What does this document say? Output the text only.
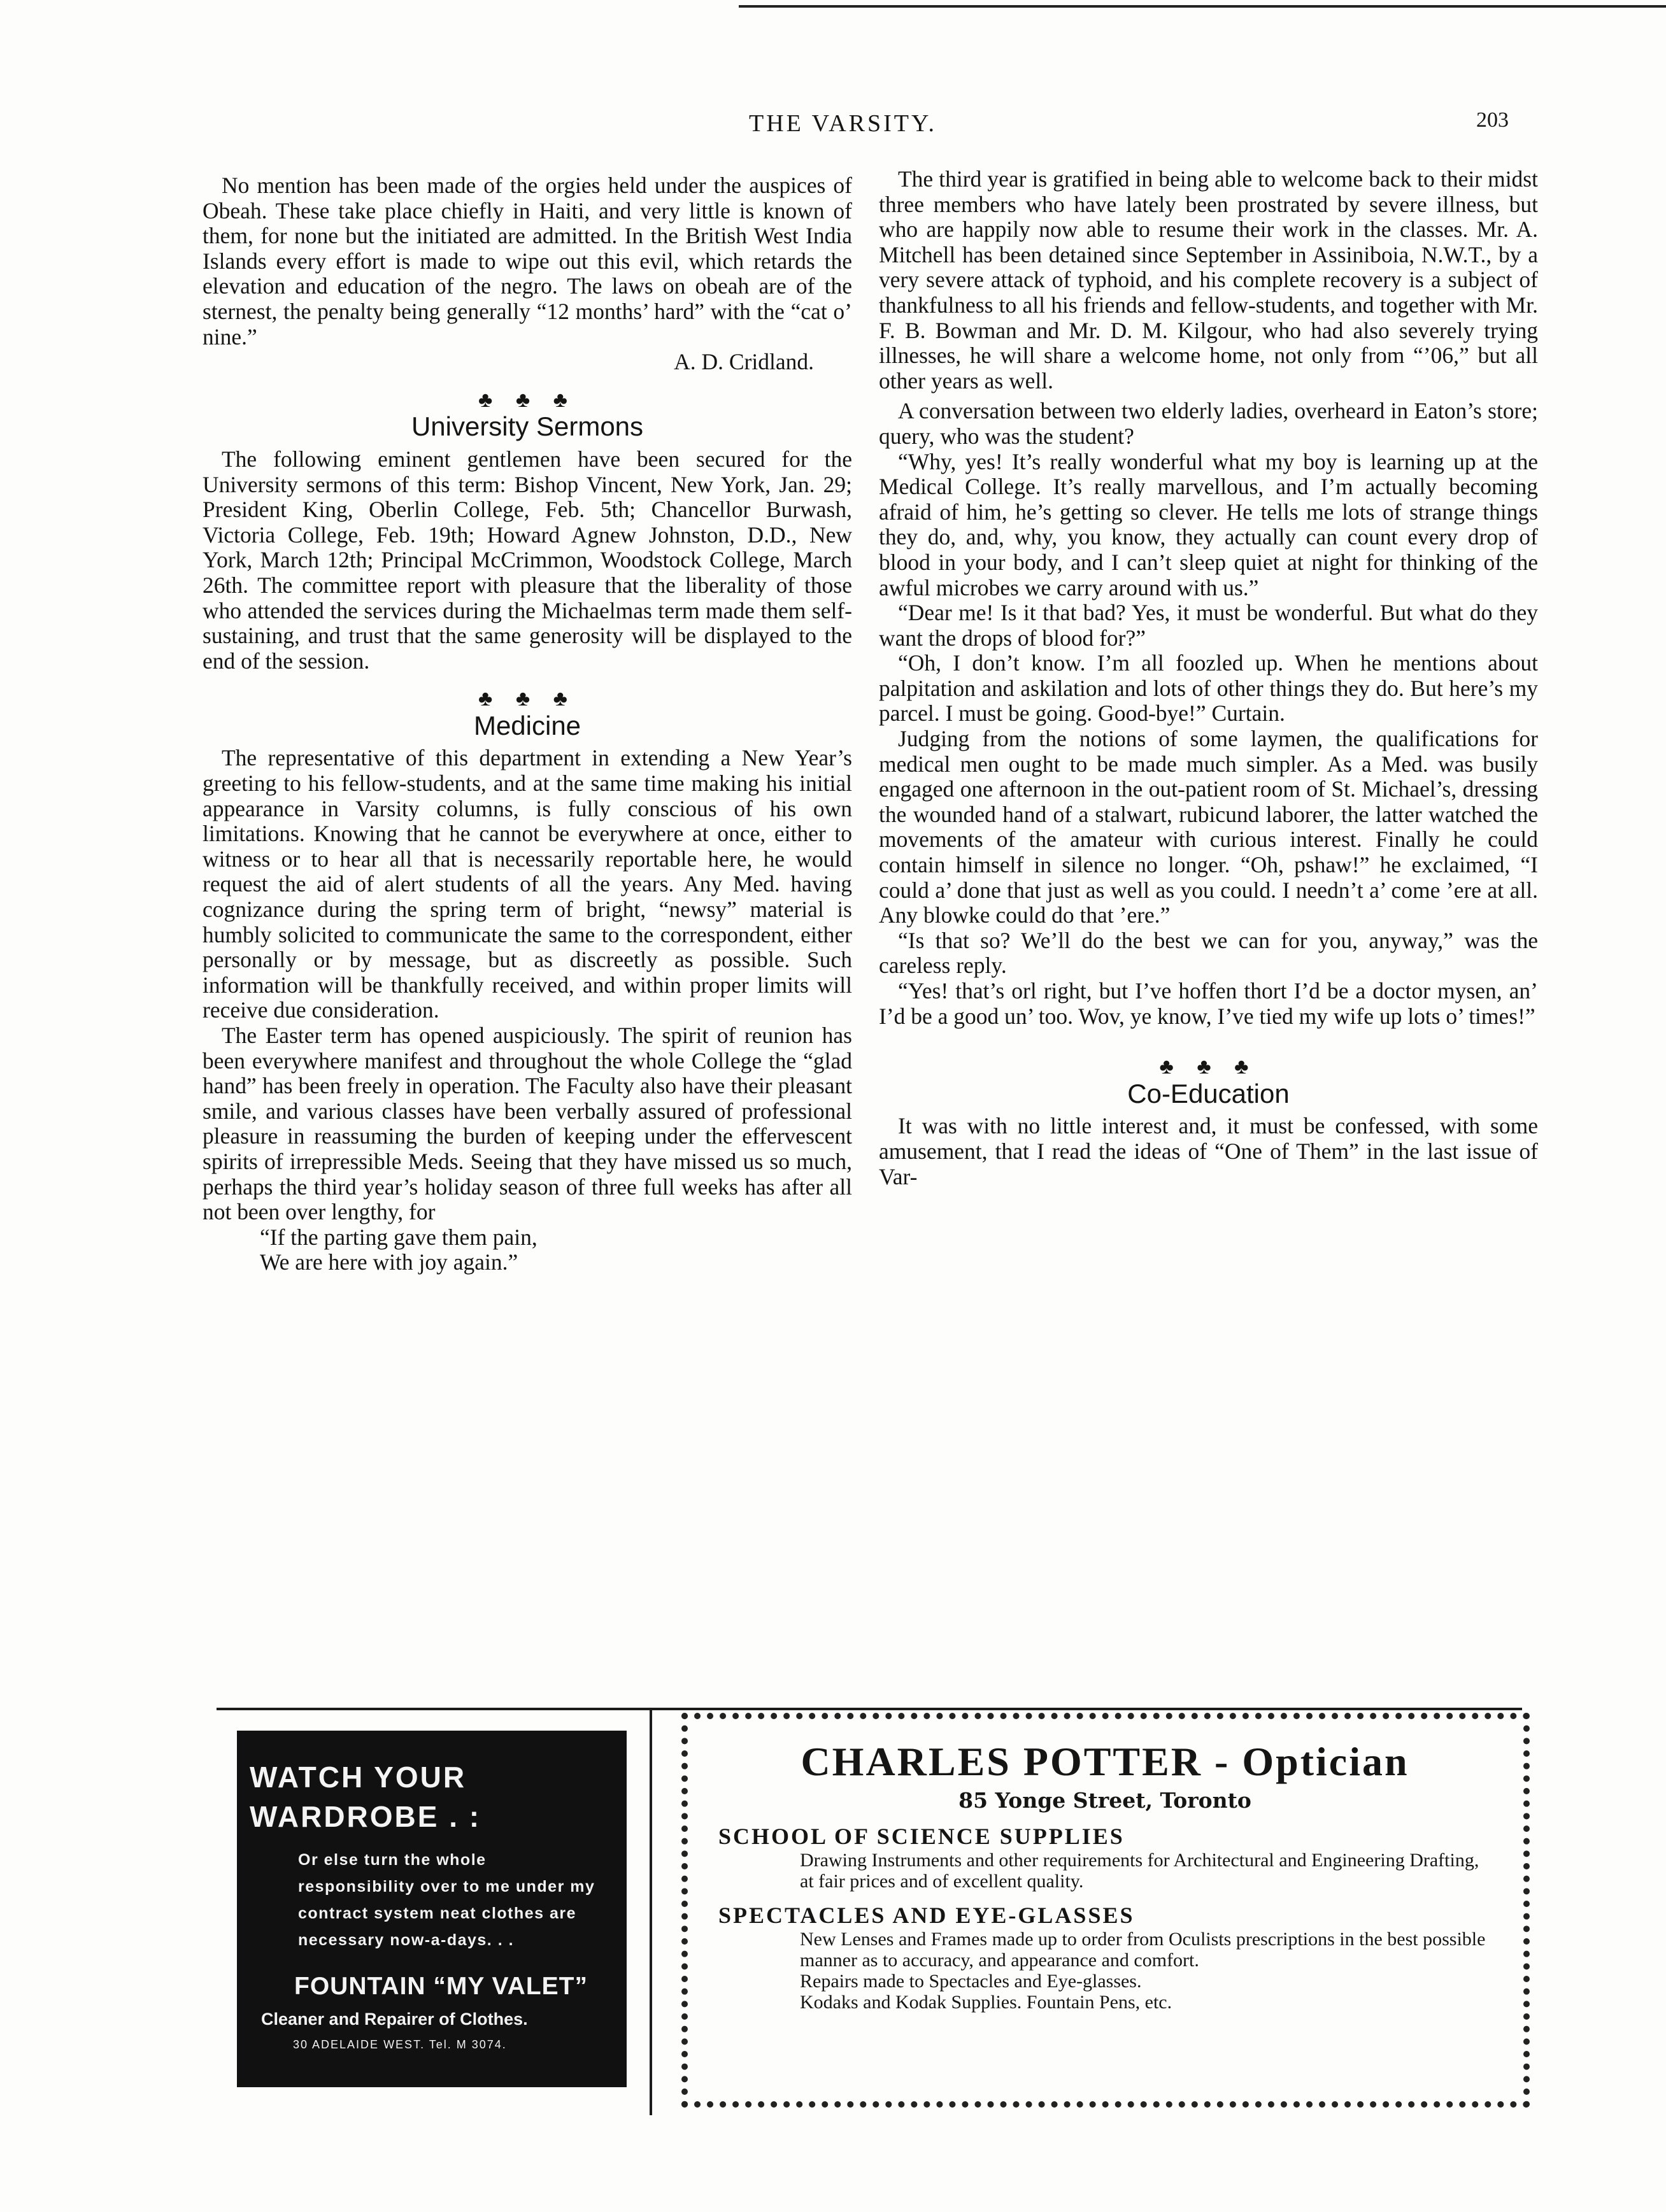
THE VARSITY.	203

No mention has been made of the orgies held under the auspices of Obeah. These take place chiefly in Haiti, and very little is known of them, for none but the initiated are admitted. In the British West India Islands every effort is made to wipe out this evil, which retards the elevation and education of the negro. The laws on obeah are of the sternest, the penalty being generally “12 months’ hard” with the “cat o’ nine.”

A. D. Cridland.

♣ ♣ ♣
University Sermons

The following eminent gentlemen have been secured for the University sermons of this term: Bishop Vincent, New York, Jan. 29; President King, Oberlin College, Feb. 5th; Chancellor Burwash, Victoria College, Feb. 19th; Howard Agnew Johnston, D.D., New York, March 12th; Principal McCrimmon, Woodstock College, March 26th. The committee report with pleasure that the liberality of those who attended the services during the Michaelmas term made them self-sustaining, and trust that the same generosity will be displayed to the end of the session.

♣ ♣ ♣
Medicine

The representative of this department in extending a New Year’s greeting to his fellow-students, and at the same time making his initial appearance in Varsity columns, is fully conscious of his own limitations. Knowing that he cannot be everywhere at once, either to witness or to hear all that is necessarily reportable here, he would request the aid of alert students of all the years. Any Med. having cognizance during the spring term of bright, “newsy” material is humbly solicited to communicate the same to the correspondent, either personally or by message, but as discreetly as possible. Such information will be thankfully received, and within proper limits will receive due consideration.

The Easter term has opened auspiciously. The spirit of reunion has been everywhere manifest and throughout the whole College the “glad hand” has been freely in operation. The Faculty also have their pleasant smile, and various classes have been verbally assured of professional pleasure in reassuming the burden of keeping under the effervescent spirits of irrepressible Meds. Seeing that they have missed us so much, perhaps the third year’s holiday season of three full weeks has after all not been over lengthy, for

“If the parting gave them pain,

We are here with joy again.”

The third year is gratified in being able to welcome back to their midst three members who have lately been prostrated by severe illness, but who are happily now able to resume their work in the classes. Mr. A. Mitchell has been detained since September in Assiniboia, N.W.T., by a very severe attack of typhoid, and his complete recovery is a subject of thankfulness to all his friends and fellow-students, and together with Mr. F. B. Bowman and Mr. D. M. Kilgour, who had also severely trying illnesses, he will share a welcome home, not only from “’06,” but all other years as well.

A conversation between two elderly ladies, overheard in Eaton’s store; query, who was the student?

“Why, yes! It’s really wonderful what my boy is learning up at the Medical College. It’s really marvellous, and I’m actually becoming afraid of him, he’s getting so clever. He tells me lots of strange things they do, and, why, you know, they actually can count every drop of blood in your body, and I can’t sleep quiet at night for thinking of the awful microbes we carry around with us.”

“Dear me! Is it that bad? Yes, it must be wonderful. But what do they want the drops of blood for?”

“Oh, I don’t know. I’m all foozled up. When he mentions about palpitation and askilation and lots of other things they do. But here’s my parcel. I must be going. Good-bye!” Curtain.

Judging from the notions of some laymen, the qualifications for medical men ought to be made much simpler. As a Med. was busily engaged one afternoon in the out-patient room of St. Michael’s, dressing the wounded hand of a stalwart, rubicund laborer, the latter watched the movements of the amateur with curious interest. Finally he could contain himself in silence no longer. “Oh, pshaw!” he exclaimed, “I could a’ done that just as well as you could. I needn’t a’ come ’ere at all. Any blowke could do that ’ere.”

“Is that so? We’ll do the best we can for you, anyway,” was the careless reply.

“Yes! that’s orl right, but I’ve hoffen thort I’d be a doctor mysen, an’ I’d be a good un’ too. Wov, ye know, I’ve tied my wife up lots o’ times!”

♣ ♣ ♣
Co-Education

It was with no little interest and, it must be confessed, with some amusement, that I read the ideas of “One of Them” in the last issue of Var-

WATCH YOUR
WARDROBE . :
Or else turn the whole responsibility over to me under my contract system neat clothes are necessary now-a-days. . .
FOUNTAIN “MY VALET”
Cleaner and Repairer of Clothes.
30 ADELAIDE WEST. Tel. M 3074.
CHARLES POTTER - Optician
85 Yonge Street, Toronto
SCHOOL OF SCIENCE SUPPLIES
Drawing Instruments and other requirements for Architectural and Engineering Drafting, at fair prices and of excellent quality.
SPECTACLES AND EYE-GLASSES
New Lenses and Frames made up to order from Oculists prescriptions in the best possible manner as to accuracy, and appearance and comfort.
Repairs made to Spectacles and Eye-glasses.
Kodaks and Kodak Supplies. Fountain Pens, etc.
